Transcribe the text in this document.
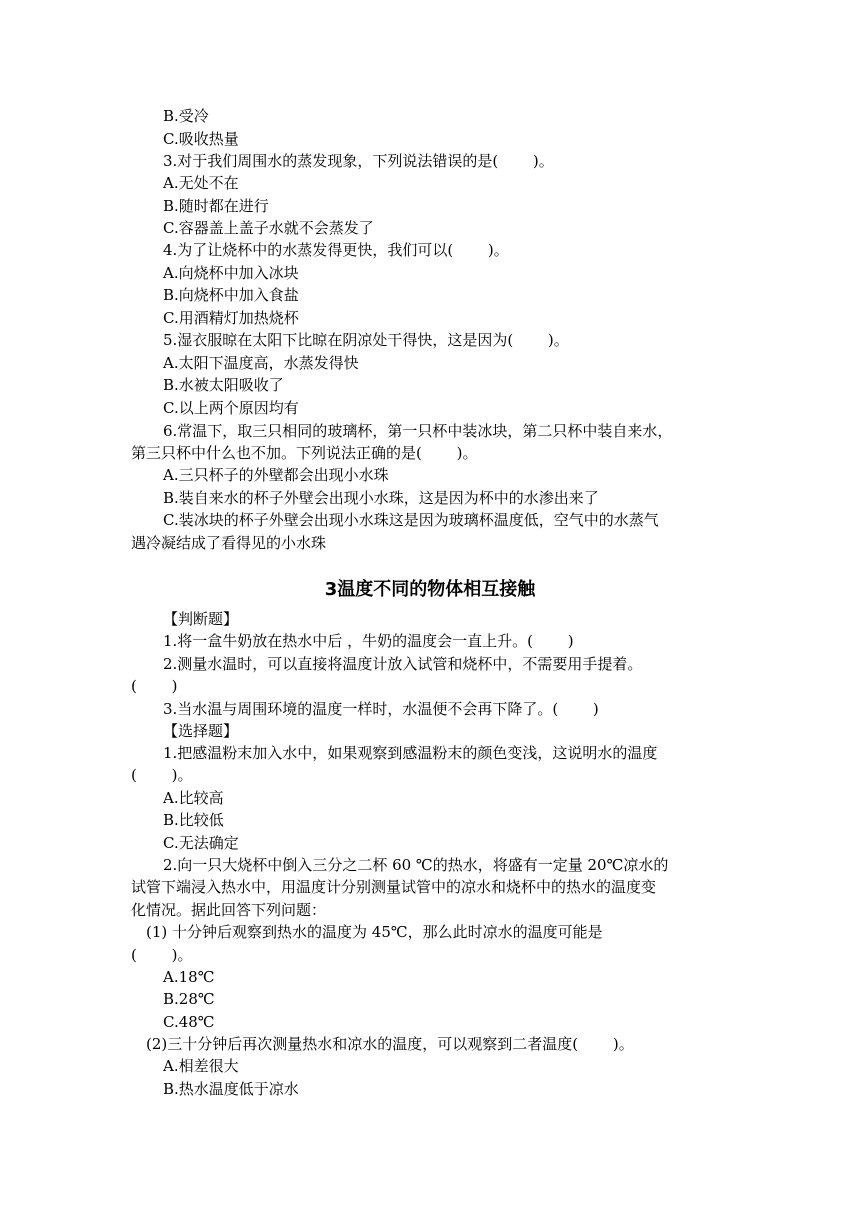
B.受冷
C.吸收热量
3.对于我们周围水的蒸发现象，下列说法错误的是(　　 )。
A.无处不在
B.随时都在进行
C.容器盖上盖子水就不会蒸发了
4.为了让烧杯中的水蒸发得更快，我们可以(　　 )。
A.向烧杯中加入冰块
B.向烧杯中加入食盐
C.用酒精灯加热烧杯
5.湿衣服晾在太阳下比晾在阴凉处干得快，这是因为(　　 )。
A.太阳下温度高，水蒸发得快
B.水被太阳吸收了
C.以上两个原因均有
6.常温下，取三只相同的玻璃杯，第一只杯中装冰块，第二只杯中装自来水，
第三只杯中什么也不加。下列说法正确的是(　　 )。
A.三只杯子的外壁都会出现小水珠
B.装自来水的杯子外壁会出现小水珠，这是因为杯中的水渗出来了
C.装冰块的杯子外壁会出现小水珠这是因为玻璃杯温度低，空气中的水蒸气
遇冷凝结成了看得见的小水珠
3温度不同的物体相互接触
【判断题】
1.将一盒牛奶放在热水中后 ，牛奶的温度会一直上升。(　　 )
2.测量水温时，可以直接将温度计放入试管和烧杯中，不需要用手提着。
(　　 )
3.当水温与周围环境的温度一样时，水温便不会再下降了。(　　 )
【选择题】
1.把感温粉末加入水中，如果观察到感温粉末的颜色变浅，这说明水的温度
(　　 )。
A.比较高
B.比较低
C.无法确定
2.向一只大烧杯中倒入三分之二杯 60 ℃的热水，将盛有一定量 20℃凉水的
试管下端浸入热水中，用温度计分别测量试管中的凉水和烧杯中的热水的温度变
化情况。据此回答下列问题：
(1) 十分钟后观察到热水的温度为 45℃，那么此时凉水的温度可能是
(　　 )。
A.18℃
B.28℃
C.48℃
(2)三十分钟后再次测量热水和凉水的温度，可以观察到二者温度(　　 )。
A.相差很大
B.热水温度低于凉水
